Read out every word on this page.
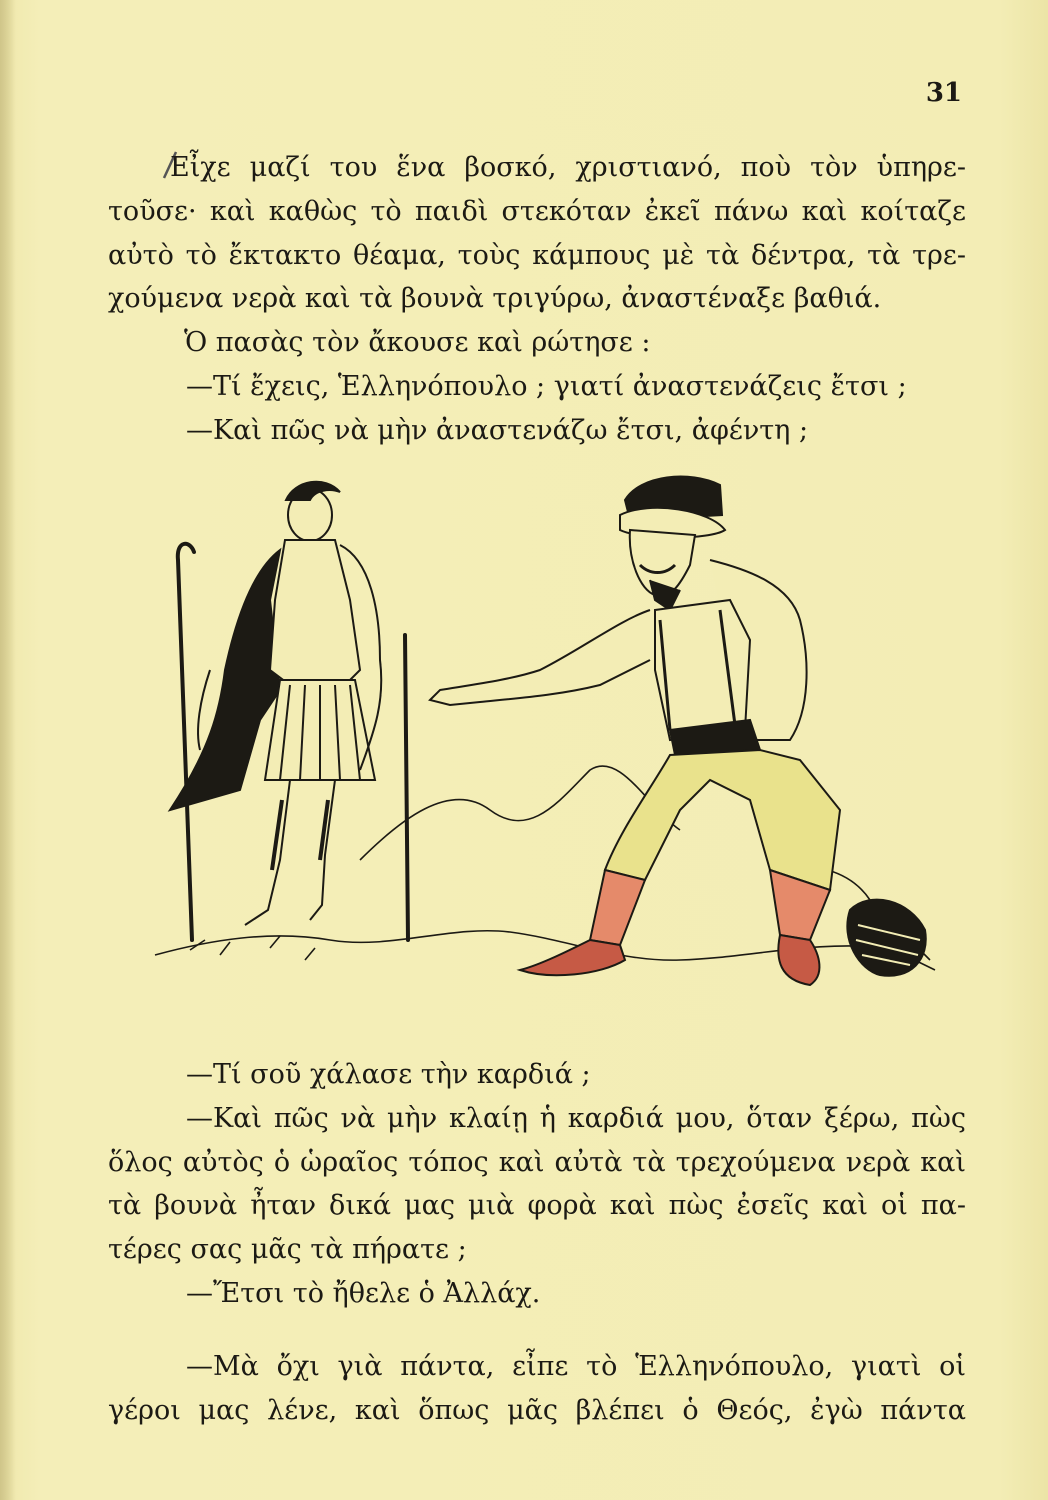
31
Εἶχε μαζί του ἕνα βοσκό, χριστιανό, ποὺ τὸν ὑπηρε-
τοῦσε· καὶ καθὼς τὸ παιδὶ στεκόταν ἐκεῖ πάνω καὶ κοίταζε
αὐτὸ τὸ ἔκτακτο θέαμα, τοὺς κάμπους μὲ τὰ δέντρα, τὰ τρε-
χούμενα νερὰ καὶ τὰ βουνὰ τριγύρω, ἀναστέναξε βαθιά.
Ὁ πασὰς τὸν ἄκουσε καὶ ρώτησε :
—Τί ἔχεις, Ἑλληνόπουλο ; γιατί ἀναστενάζεις ἔτσι ;
—Καὶ πῶς νὰ μὴν ἀναστενάζω ἔτσι, ἀφέντη ;
—Τί σοῦ χάλασε τὴν καρδιά ;
—Καὶ πῶς νὰ μὴν κλαίῃ ἡ καρδιά μου, ὅταν ξέρω, πὼς
ὅλος αὐτὸς ὁ ὡραῖος τόπος καὶ αὐτὰ τὰ τρεχούμενα νερὰ καὶ
τὰ βουνὰ ἦταν δικά μας μιὰ φορὰ καὶ πὼς ἐσεῖς καὶ οἱ πα-
τέρες σας μᾶς τὰ πήρατε ;
—Ἔτσι τὸ ἤθελε ὁ Ἀλλάχ.
—Μὰ ὄχι γιὰ πάντα, εἶπε τὸ Ἑλληνόπουλο, γιατὶ οἱ
γέροι μας λένε, καὶ ὅπως μᾶς βλέπει ὁ Θεός, ἐγὼ πάντα
